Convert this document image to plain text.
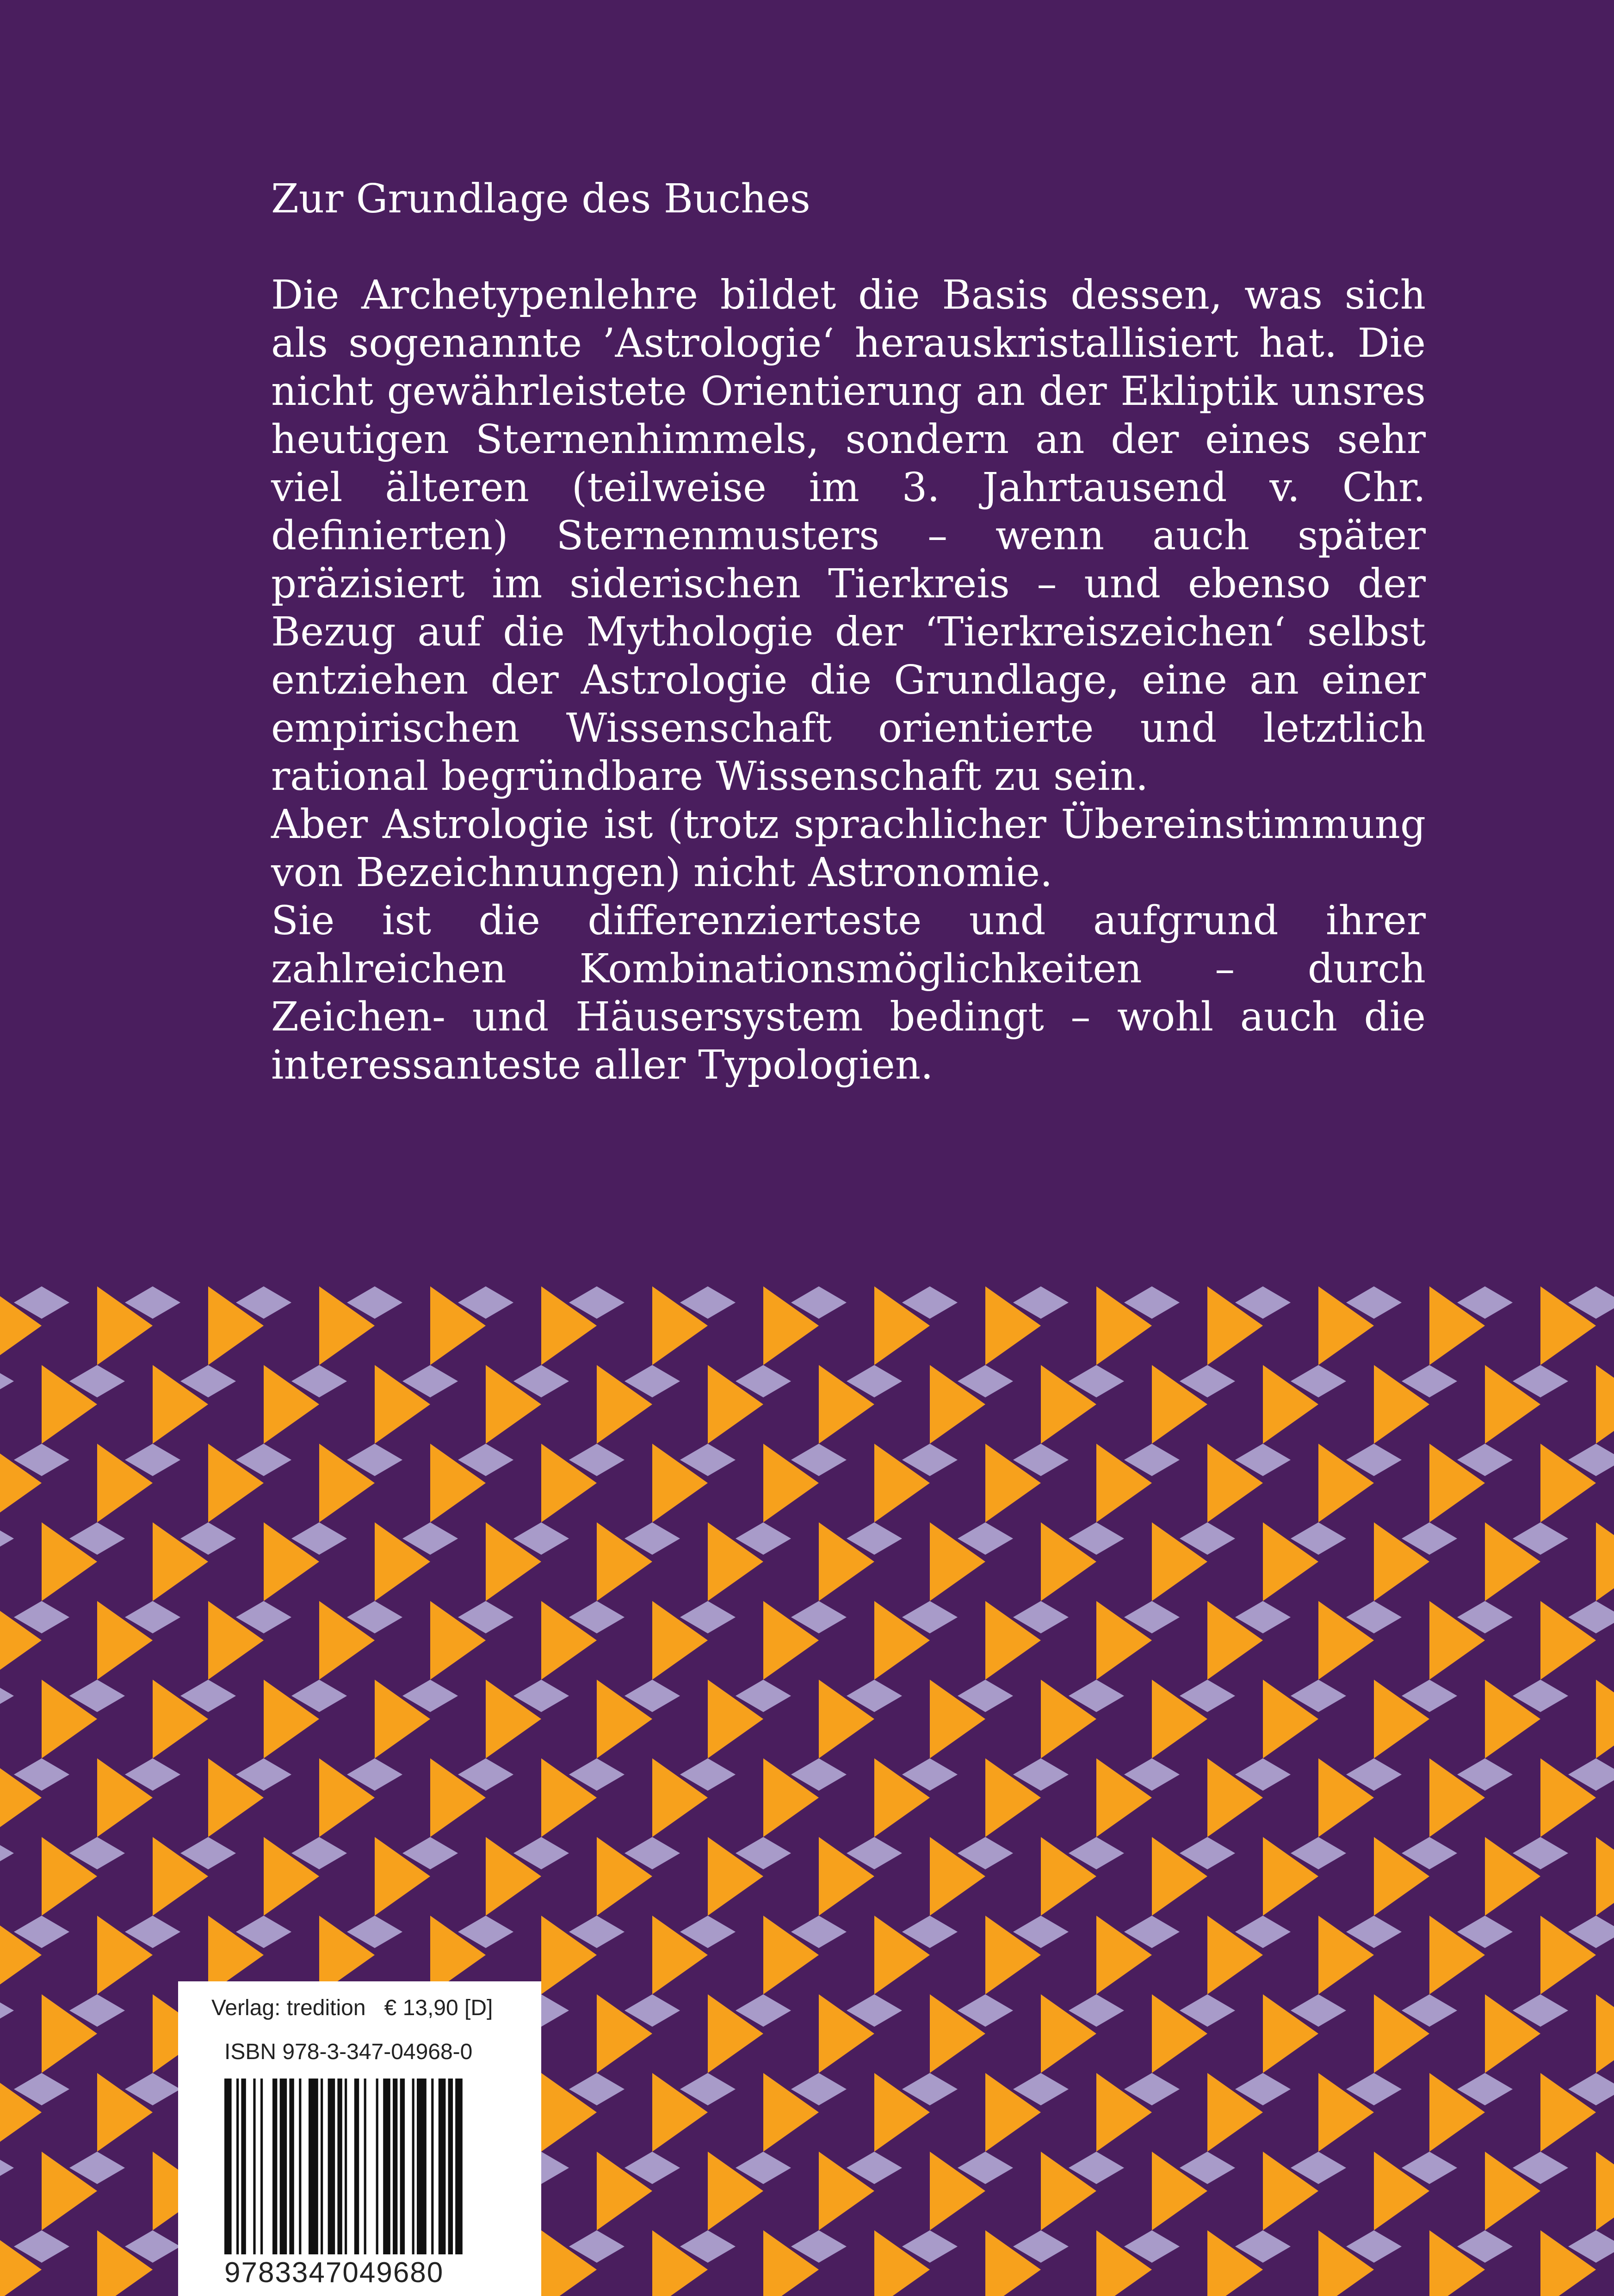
Zur Grundlage des Buches

Die Archetypenlehre bildet die Basis dessen, was sich als sogenannte ’Astrologie‘ herauskristallisiert hat. Die nicht gewährleistete Orientierung an der Ekliptik unsres heutigen Sternenhimmels, sondern an der eines sehr viel älteren (teilweise im 3. Jahrtausend v. Chr. definierten) Sternenmusters – wenn auch später präzisiert im siderischen Tierkreis – und ebenso der Bezug auf die Mythologie der ‘Tierkreiszeichen‘ selbst entziehen der Astrologie die Grundlage, eine an einer empirischen Wissenschaft orientierte und letztlich rational begründbare Wissenschaft zu sein.

Aber Astrologie ist (trotz sprachlicher Übereinstimmung von Bezeichnungen) nicht Astronomie.

Sie ist die differenzierteste und aufgrund ihrer zahlreichen Kombinationsmöglichkeiten – durch Zeichen- und Häusersystem bedingt – wohl auch die interessanteste aller Typologien.

Verlag: tredition   € 13,90 [D]
ISBN 978-3-347-04968-0
9783347049680
